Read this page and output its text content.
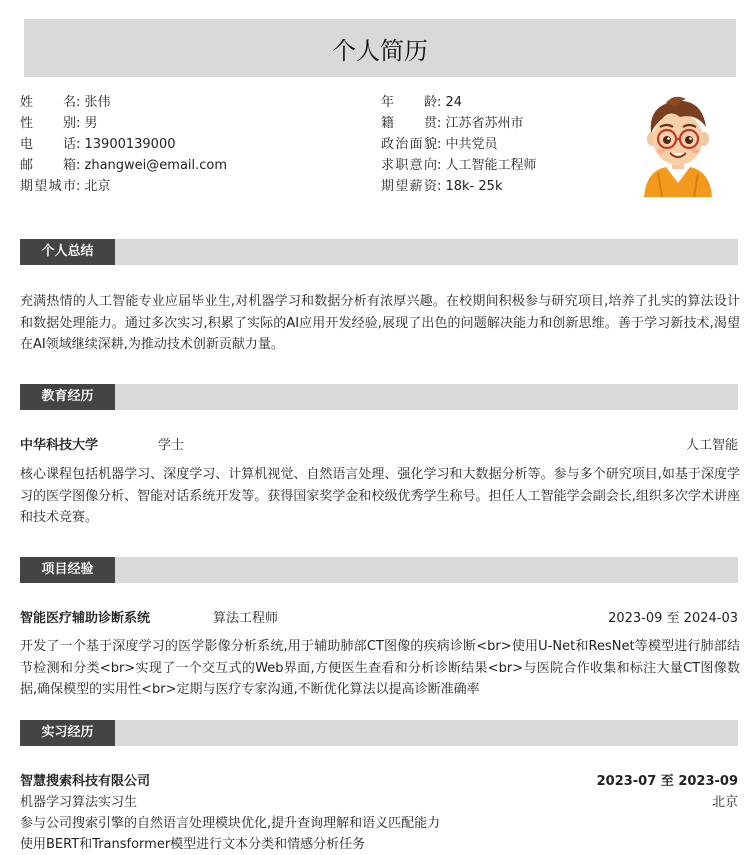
个人简历
姓名: 张伟
性别: 男
电话: 13900139000
邮箱: zhangwei@email.com
期望城市: 北京
年龄: 24
籍贯: 江苏省苏州市
政治面貌: 中共党员
求职意向: 人工智能工程师
期望薪资: 18k- 25k
个人总结
充满热情的人工智能专业应届毕业生,对机器学习和数据分析有浓厚兴趣。在校期间积极参与研究项目,培养了扎实的算法设计和数据处理能力。通过多次实习,积累了实际的AI应用开发经验,展现了出色的问题解决能力和创新思维。善于学习新技术,渴望在AI领域继续深耕,为推动技术创新贡献力量。
教育经历
中华科技大学	学士	人工智能
核心课程包括机器学习、深度学习、计算机视觉、自然语言处理、强化学习和大数据分析等。参与多个研究项目,如基于深度学习的医学图像分析、智能对话系统开发等。获得国家奖学金和校级优秀学生称号。担任人工智能学会副会长,组织多次学术讲座和技术竞赛。
项目经验
智能医疗辅助诊断系统	算法工程师	2023-09 至 2024-03
开发了一个基于深度学习的医学影像分析系统,用于辅助肺部CT图像的疾病诊断<br>使用U-Net和ResNet等模型进行肺部结节检测和分类<br>实现了一个交互式的Web界面,方便医生查看和分析诊断结果<br>与医院合作收集和标注大量CT图像数据,确保模型的实用性<br>定期与医疗专家沟通,不断优化算法以提高诊断准确率
实习经历
智慧搜索科技有限公司	2023-07 至 2023-09
机器学习算法实习生	北京
参与公司搜索引擎的自然语言处理模块优化,提升查询理解和语义匹配能力
使用BERT和Transformer模型进行文本分类和情感分析任务
